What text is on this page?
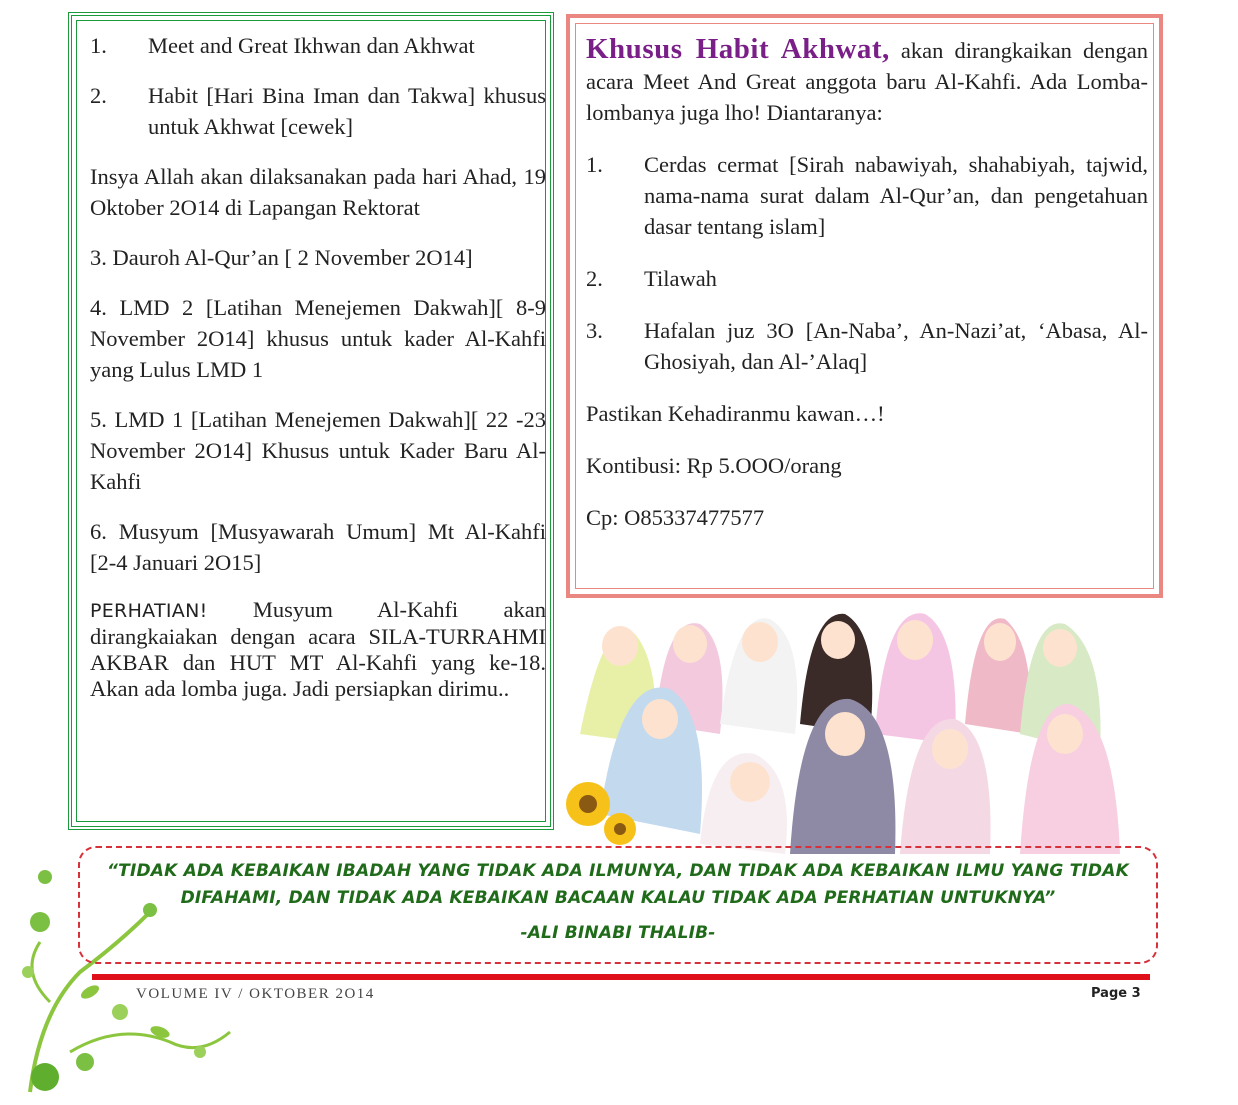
1.	Meet and Great Ikhwan dan Akhwat
2.	Habit [Hari Bina Iman dan Takwa] khusus untuk Akhwat [cewek]

Insya Allah akan dilaksanakan pada hari Ahad, 19 Oktober 2O14 di Lapangan Rektorat

3. Dauroh Al-Qur’an [ 2 November 2O14]

4. LMD 2 [Latihan Menejemen Dakwah][ 8-9 November 2O14] khusus untuk kader Al-Kahfi yang Lulus LMD 1

5. LMD 1 [Latihan Menejemen Dakwah][ 22 -23 November 2O14] Khusus untuk Kader Baru Al-Kahfi

6. Musyum [Musyawarah Umum] Mt Al-Kahfi [2-4 Januari 2O15]

PERHATIAN! Musyum Al-Kahfi akan dirangkaiakan dengan acara SILA-TURRAHMI AKBAR dan HUT MT Al-Kahfi yang ke-18. Akan ada lomba juga. Jadi persiapkan dirimu..

Khusus Habit Akhwat, akan dirangkaikan dengan acara Meet And Great anggota baru Al-Kahfi. Ada Lomba-lombanya juga lho! Diantaranya:

1.	Cerdas cermat [Sirah nabawiyah, shahabiyah, tajwid, nama-nama surat dalam Al-Qur’an, dan pengetahuan dasar tentang islam]
2.	Tilawah
3.	Hafalan juz 3O [An-Naba’, An-Nazi’at, ‘Abasa, Al-Ghosiyah, dan Al-’Alaq]

Pastikan Kehadiranmu kawan…!

Kontibusi: Rp 5.OOO/orang

Cp: O85337477577

“TIDAK ADA KEBAIKAN IBADAH YANG TIDAK ADA ILMUNYA, DAN TIDAK ADA KEBAIKAN ILMU YANG TIDAK DIFAHAMI, DAN TIDAK ADA KEBAIKAN BACAAN KALAU TIDAK ADA PERHATIAN UNTUKNYA”
-ALI BINABI THALIB-
VOLUME IV / OKTOBER 2O14	Page 3
